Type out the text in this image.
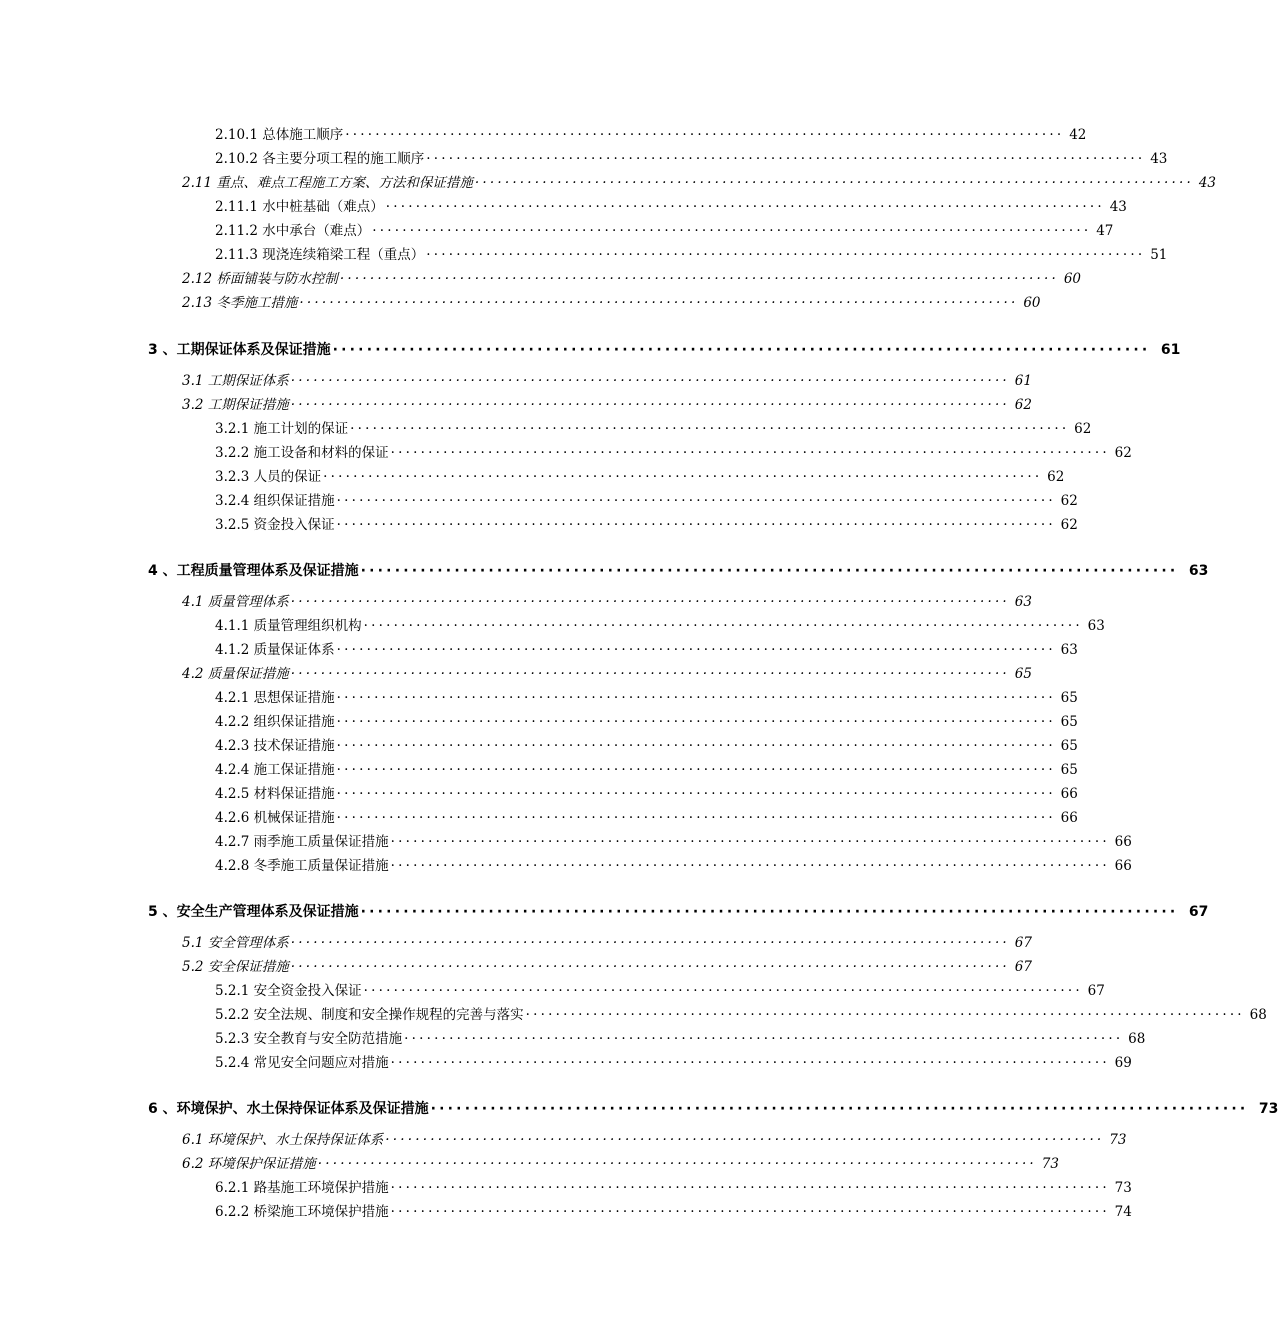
2.10.1 总体施工顺序 ································································································ 42
2.10.2 各主要分项工程的施工顺序 ································································································ 43
2.11 重点、难点工程施工方案、方法和保证措施 ································································································ 43
2.11.1 水中桩基础（难点） ································································································ 43
2.11.2 水中承台（难点） ································································································ 47
2.11.3 现浇连续箱梁工程（重点） ································································································ 51
2.12 桥面铺装与防水控制 ································································································ 60
2.13 冬季施工措施 ································································································ 60
3 、工期保证体系及保证措施 ································································································ 61
3.1 工期保证体系 ································································································ 61
3.2 工期保证措施 ································································································ 62
3.2.1 施工计划的保证 ································································································ 62
3.2.2 施工设备和材料的保证 ································································································ 62
3.2.3 人员的保证 ································································································ 62
3.2.4 组织保证措施 ································································································ 62
3.2.5 资金投入保证 ································································································ 62
4 、工程质量管理体系及保证措施 ································································································ 63
4.1 质量管理体系 ································································································ 63
4.1.1 质量管理组织机构 ································································································ 63
4.1.2 质量保证体系 ································································································ 63
4.2 质量保证措施 ································································································ 65
4.2.1 思想保证措施 ································································································ 65
4.2.2 组织保证措施 ································································································ 65
4.2.3 技术保证措施 ································································································ 65
4.2.4 施工保证措施 ································································································ 65
4.2.5 材料保证措施 ································································································ 66
4.2.6 机械保证措施 ································································································ 66
4.2.7 雨季施工质量保证措施 ································································································ 66
4.2.8 冬季施工质量保证措施 ································································································ 66
5 、安全生产管理体系及保证措施 ································································································ 67
5.1 安全管理体系 ································································································ 67
5.2 安全保证措施 ································································································ 67
5.2.1 安全资金投入保证 ································································································ 67
5.2.2 安全法规、制度和安全操作规程的完善与落实 ································································································ 68
5.2.3 安全教育与安全防范措施 ································································································ 68
5.2.4 常见安全问题应对措施 ································································································ 69
6 、环境保护、水土保持保证体系及保证措施 ································································································ 73
6.1 环境保护、水土保持保证体系 ································································································ 73
6.2 环境保护保证措施 ································································································ 73
6.2.1 路基施工环境保护措施 ································································································ 73
6.2.2 桥梁施工环境保护措施 ································································································ 74
